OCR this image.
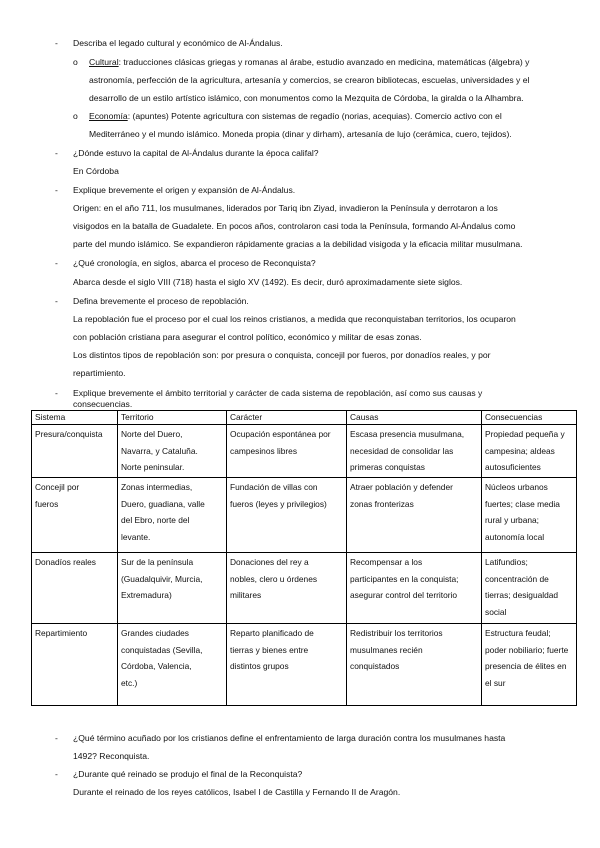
- Describa el legado cultural y económico de Al-Ándalus.
o Cultural: traducciones clásicas griegas y romanas al árabe, estudio avanzado en medicina, matemáticas (álgebra) y
astronomía, perfección de la agricultura, artesanía y comercios, se crearon bibliotecas, escuelas, universidades y el
desarrollo de un estilo artístico islámico, con monumentos como la Mezquita de Córdoba, la giralda o la Alhambra.
o Economía: (apuntes) Potente agricultura con sistemas de regadío (norias, acequias). Comercio activo con el
Mediterráneo y el mundo islámico. Moneda propia (dinar y dirham), artesanía de lujo (cerámica, cuero, tejidos).
- ¿Dónde estuvo la capital de Al-Ándalus durante la época califal?
En Córdoba
- Explique brevemente el origen y expansión de Al-Ándalus.
Origen: en el año 711, los musulmanes, liderados por Tariq ibn Ziyad, invadieron la Península y derrotaron a los
visigodos en la batalla de Guadalete. En pocos años, controlaron casi toda la Península, formando Al-Ándalus como
parte del mundo islámico. Se expandieron rápidamente gracias a la debilidad visigoda y la eficacia militar musulmana.
- ¿Qué cronología, en siglos, abarca el proceso de Reconquista?
Abarca desde el siglo VIII (718) hasta el siglo XV (1492). Es decir, duró aproximadamente siete siglos.
- Defina brevemente el proceso de repoblación.
La repoblación fue el proceso por el cual los reinos cristianos, a medida que reconquistaban territorios, los ocuparon
con población cristiana para asegurar el control político, económico y militar de esas zonas.
Los distintos tipos de repoblación son: por presura o conquista, concejil por fueros, por donadíos reales, y por
repartimiento.
- Explique brevemente el ámbito territorial y carácter de cada sistema de repoblación, así como sus causas y
consecuencias.
Sistema	Territorio	Carácter	Causas	Consecuencias
Presura/conquista	Norte del Duero,
Navarra, y Cataluña.
Norte peninsular.	Ocupación espontánea por
campesinos libres	Escasa presencia musulmana,
necesidad de consolidar las
primeras conquistas	Propiedad pequeña y
campesina; aldeas
autosuficientes
Concejil por
fueros	Zonas intermedias,
Duero, guadiana, valle
del Ebro, norte del
levante.	Fundación de villas con
fueros (leyes y privilegios)	Atraer población y defender
zonas fronterizas	Núcleos urbanos
fuertes; clase media
rural y urbana;
autonomía local
Donadíos reales	Sur de la península
(Guadalquivir, Murcia,
Extremadura)	Donaciones del rey a
nobles, clero u órdenes
militares	Recompensar a los
participantes en la conquista;
asegurar control del territorio	Latifundios;
concentración de
tierras; desigualdad
social
Repartimiento	Grandes ciudades
conquistadas (Sevilla,
Córdoba, Valencia,
etc.)	Reparto planificado de
tierras y bienes entre
distintos grupos	Redistribuir los territorios
musulmanes recién
conquistados	Estructura feudal;
poder nobiliario; fuerte
presencia de élites en
el sur
- ¿Qué término acuñado por los cristianos define el enfrentamiento de larga duración contra los musulmanes hasta
1492? Reconquista.
- ¿Durante qué reinado se produjo el final de la Reconquista?
Durante el reinado de los reyes católicos, Isabel I de Castilla y Fernando II de Aragón.
